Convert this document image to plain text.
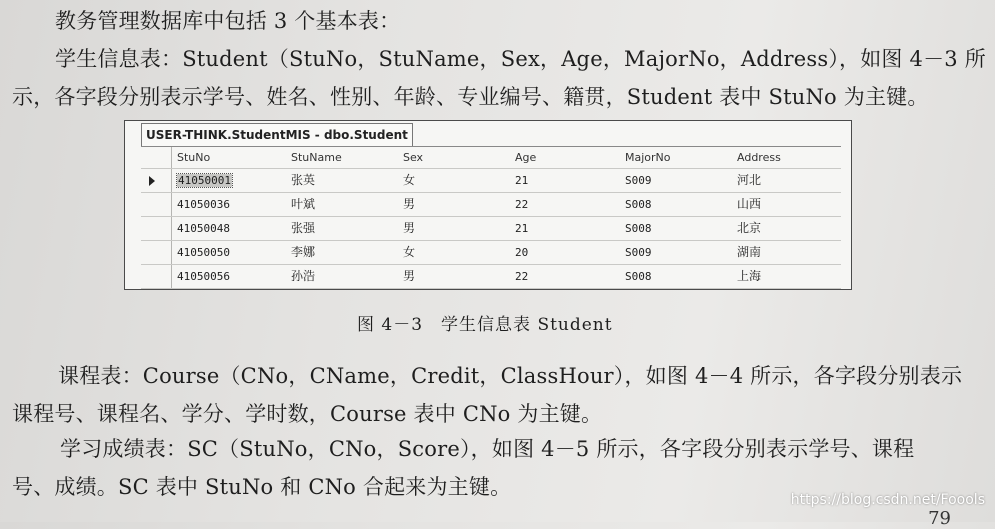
教务管理数据库中包括 3 个基本表：
学生信息表：Student（StuNo，StuName，Sex，Age，MajorNo，Address），如图 4－3 所
示，各字段分别表示学号、姓名、性别、年龄、专业编号、籍贯，Student 表中 StuNo 为主键。
USER-THINK.StudentMIS - dbo.Student
StuNo	StuName	Sex	Age	MajorNo	Address
41050001	张英	女	21	S009	河北
41050036	叶斌	男	22	S008	山西
41050048	张强	男	21	S008	北京
41050050	李娜	女	20	S009	湖南
41050056	孙浩	男	22	S008	上海
图 4－3　学生信息表 Student
课程表：Course（CNo，CName，Credit，ClassHour），如图 4－4 所示，各字段分别表示
课程号、课程名、学分、学时数，Course 表中 CNo 为主键。
学习成绩表：SC（StuNo，CNo，Score），如图 4－5 所示，各字段分别表示学号、课程
号、成绩。SC 表中 StuNo 和 CNo 合起来为主键。
79
https://blog.csdn.net/Foools
